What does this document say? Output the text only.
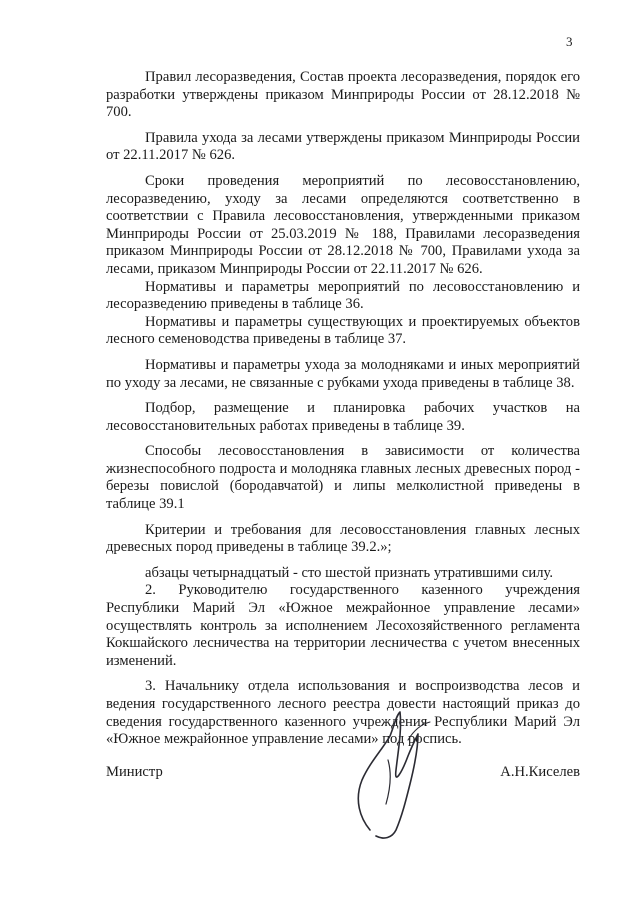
3

Правил лесоразведения, Состав проекта лесоразведения, порядок его разработки утверждены приказом Минприроды России от 28.12.2018 № 700.

Правила ухода за лесами утверждены приказом Минприроды России от 22.11.2017 № 626.

Сроки проведения мероприятий по лесовосстановлению, лесоразведению, уходу за лесами определяются соответственно в соответствии с Правила лесовосстановления, утвержденными приказом Минприроды России от 25.03.2019 № 188, Правилами лесоразведения приказом Минприроды России от 28.12.2018 № 700, Правилами ухода за лесами, приказом Минприроды России от 22.11.2017 № 626.

Нормативы и параметры мероприятий по лесовосстановлению и лесоразведению приведены в таблице 36.

Нормативы и параметры существующих и проектируемых объектов лесного семеноводства приведены в таблице 37.

Нормативы и параметры ухода за молодняками и иных мероприятий по уходу за лесами, не связанные с рубками ухода приведены в таблице 38.

Подбор, размещение и планировка рабочих участков на лесовосстановительных работах приведены в таблице 39.

Способы лесовосстановления в зависимости от количества жизнеспособного подроста и молодняка главных лесных древесных пород - березы повислой (бородавчатой) и липы мелколистной приведены в таблице 39.1

Критерии и требования для лесовосстановления главных лесных древесных пород приведены в таблице 39.2.»;

абзацы четырнадцатый - сто шестой признать утратившими силу.

2. Руководителю государственного казенного учреждения Республики Марий Эл «Южное межрайонное управление лесами» осуществлять контроль за исполнением Лесохозяйственного регламента Кокшайского лесничества на территории лесничества с учетом внесенных изменений.

3. Начальнику отдела использования и воспроизводства лесов и ведения государственного лесного реестра довести настоящий приказ до сведения государственного казенного учреждения Республики Марий Эл «Южное межрайонное управление лесами» под роспись.

Министр	А.Н.Киселев
